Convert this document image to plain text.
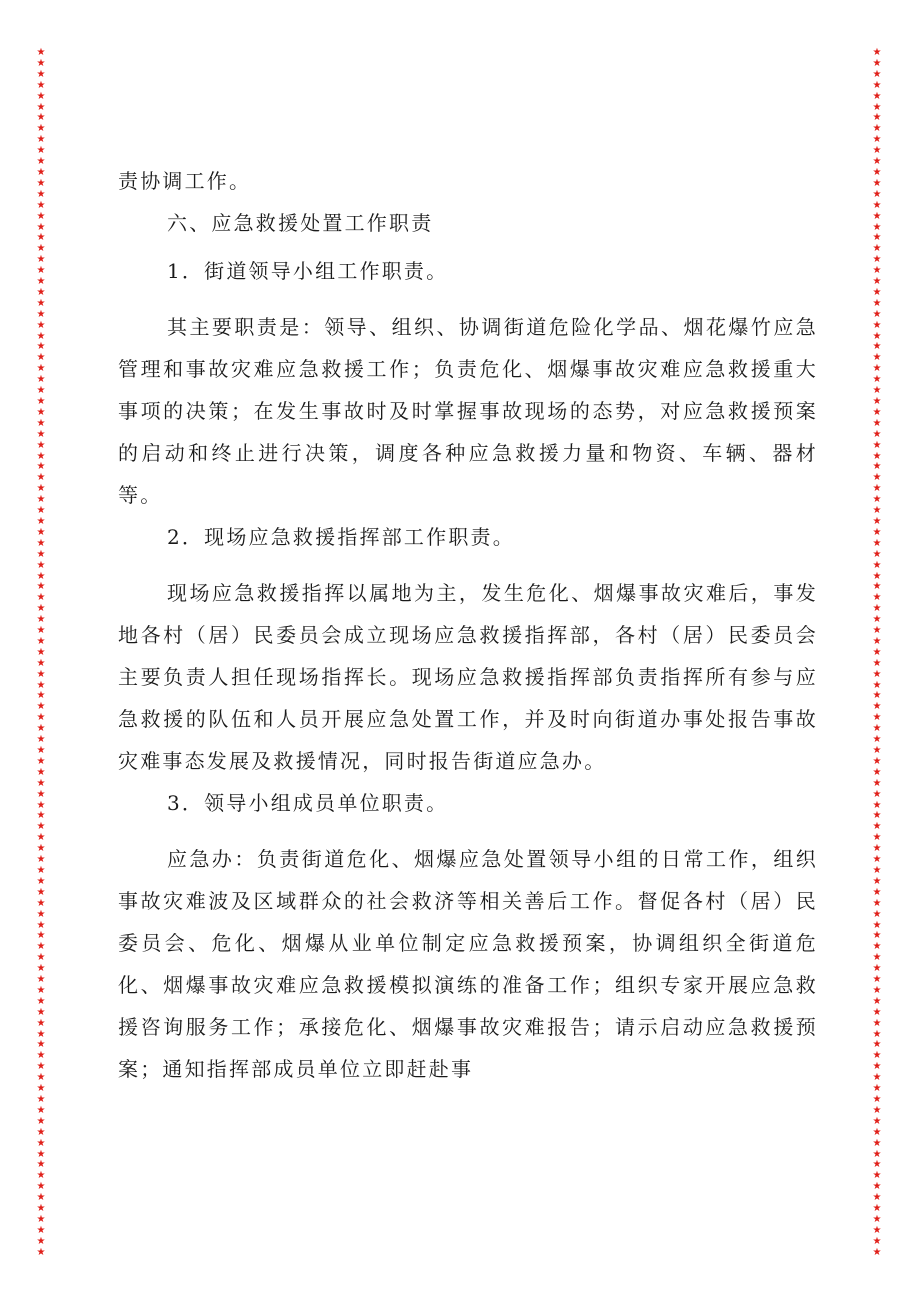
★
★
★
★
★
★
★
★
★
★
★
★
★
★
★
★
★
★
★
★
★
★
★
★
★
★
★
★
★
★
★
★
★
★
★
★
★
★
★
★
★
★
★
★
★
★
★
★
★
★
★
★
★
★
★
★
★
★
★
★
★
★
★
★
★
★
★
★
★
★
★
★
★
★
★
★
★
★
★
★
★
★
★
★
★
★
★
★
★
★
★
★
★
★
★
★
★
★
★
★
★
★
★
★
★
★
★
★
★
★
★
★
★
★
★
★
★
★
★
★
★
★
★
★
★
★
★
★
★
★
★
★
★
★
★
★
★
★
★
★
★
★
★
★
★
★
★
★
★
★
★
★
★
★
★
★
★
★
★
★
★
★
★
★
★
★
★
★
★
★
★
★
★
★
★
★
★
★
★
★
★
★
★
★
★
★
★
★
★
★
★
★
★
★
★
★
★
★
★
★
★
★
★
★
★
★
★
★
★
★
★
★
★
★
★
★
★
★
★
★
★
★
责协调工作。
六、应急救援处置工作职责
1．街道领导小组工作职责。

其主要职责是：领导、组织、协调街道危险化学品、烟花爆竹应急管理和事故灾难应急救援工作；负责危化、烟爆事故灾难应急救援重大事项的决策；在发生事故时及时掌握事故现场的态势，对应急救援预案的启动和终止进行决策，调度各种应急救援力量和物资、车辆、器材等。

2．现场应急救援指挥部工作职责。

现场应急救援指挥以属地为主，发生危化、烟爆事故灾难后，事发地各村（居）民委员会成立现场应急救援指挥部，各村（居）民委员会主要负责人担任现场指挥长。现场应急救援指挥部负责指挥所有参与应急救援的队伍和人员开展应急处置工作，并及时向街道办事处报告事故灾难事态发展及救援情况，同时报告街道应急办。

3．领导小组成员单位职责。

应急办：负责街道危化、烟爆应急处置领导小组的日常工作，组织事故灾难波及区域群众的社会救济等相关善后工作。督促各村（居）民委员会、危化、烟爆从业单位制定应急救援预案，协调组织全街道危化、烟爆事故灾难应急救援模拟演练的准备工作；组织专家开展应急救援咨询服务工作；承接危化、烟爆事故灾难报告；请示启动应急救援预案；通知指挥部成员单位立即赶赴事
